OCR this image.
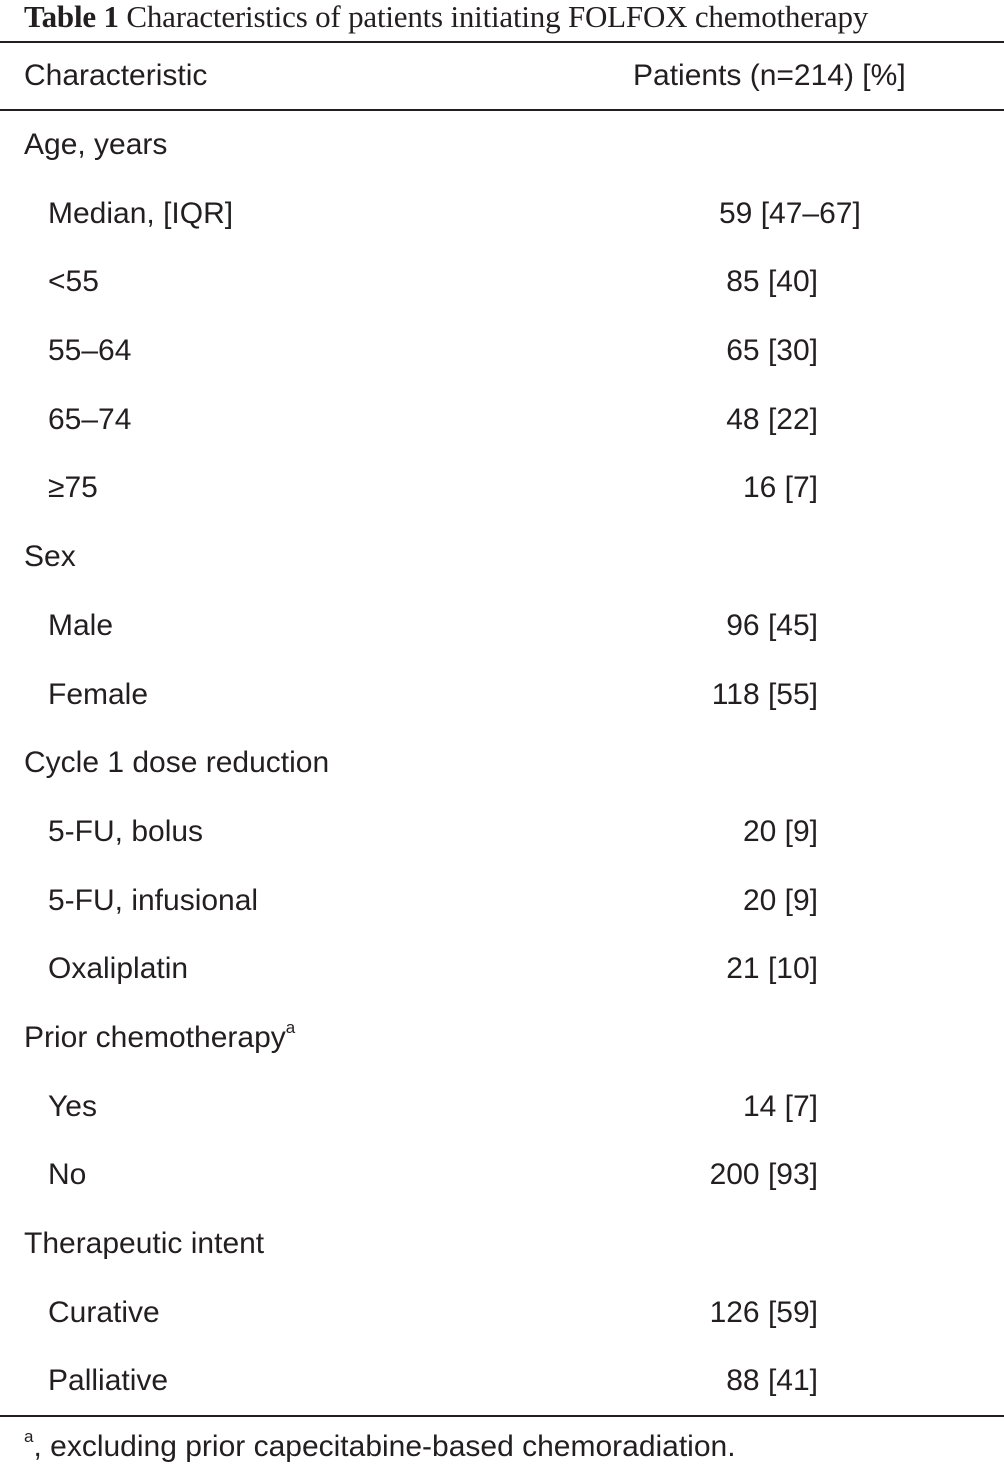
Table 1 Characteristics of patients initiating FOLFOX chemotherapy
Characteristic	Patients (n=214) [%]
Age, years
Median, [IQR]	59 [47–67]
<55	85 [40]
55–64	65 [30]
65–74	48 [22]
≥75	16 [7]
Sex
Male	96 [45]
Female	118 [55]
Cycle 1 dose reduction
5-FU, bolus	20 [9]
5-FU, infusional	20 [9]
Oxaliplatin	21 [10]
Prior chemotherapy$^a$
Yes	14 [7]
No	200 [93]
Therapeutic intent
Curative	126 [59]
Palliative	88 [41]
$^a$, excluding prior capecitabine-based chemoradiation.
